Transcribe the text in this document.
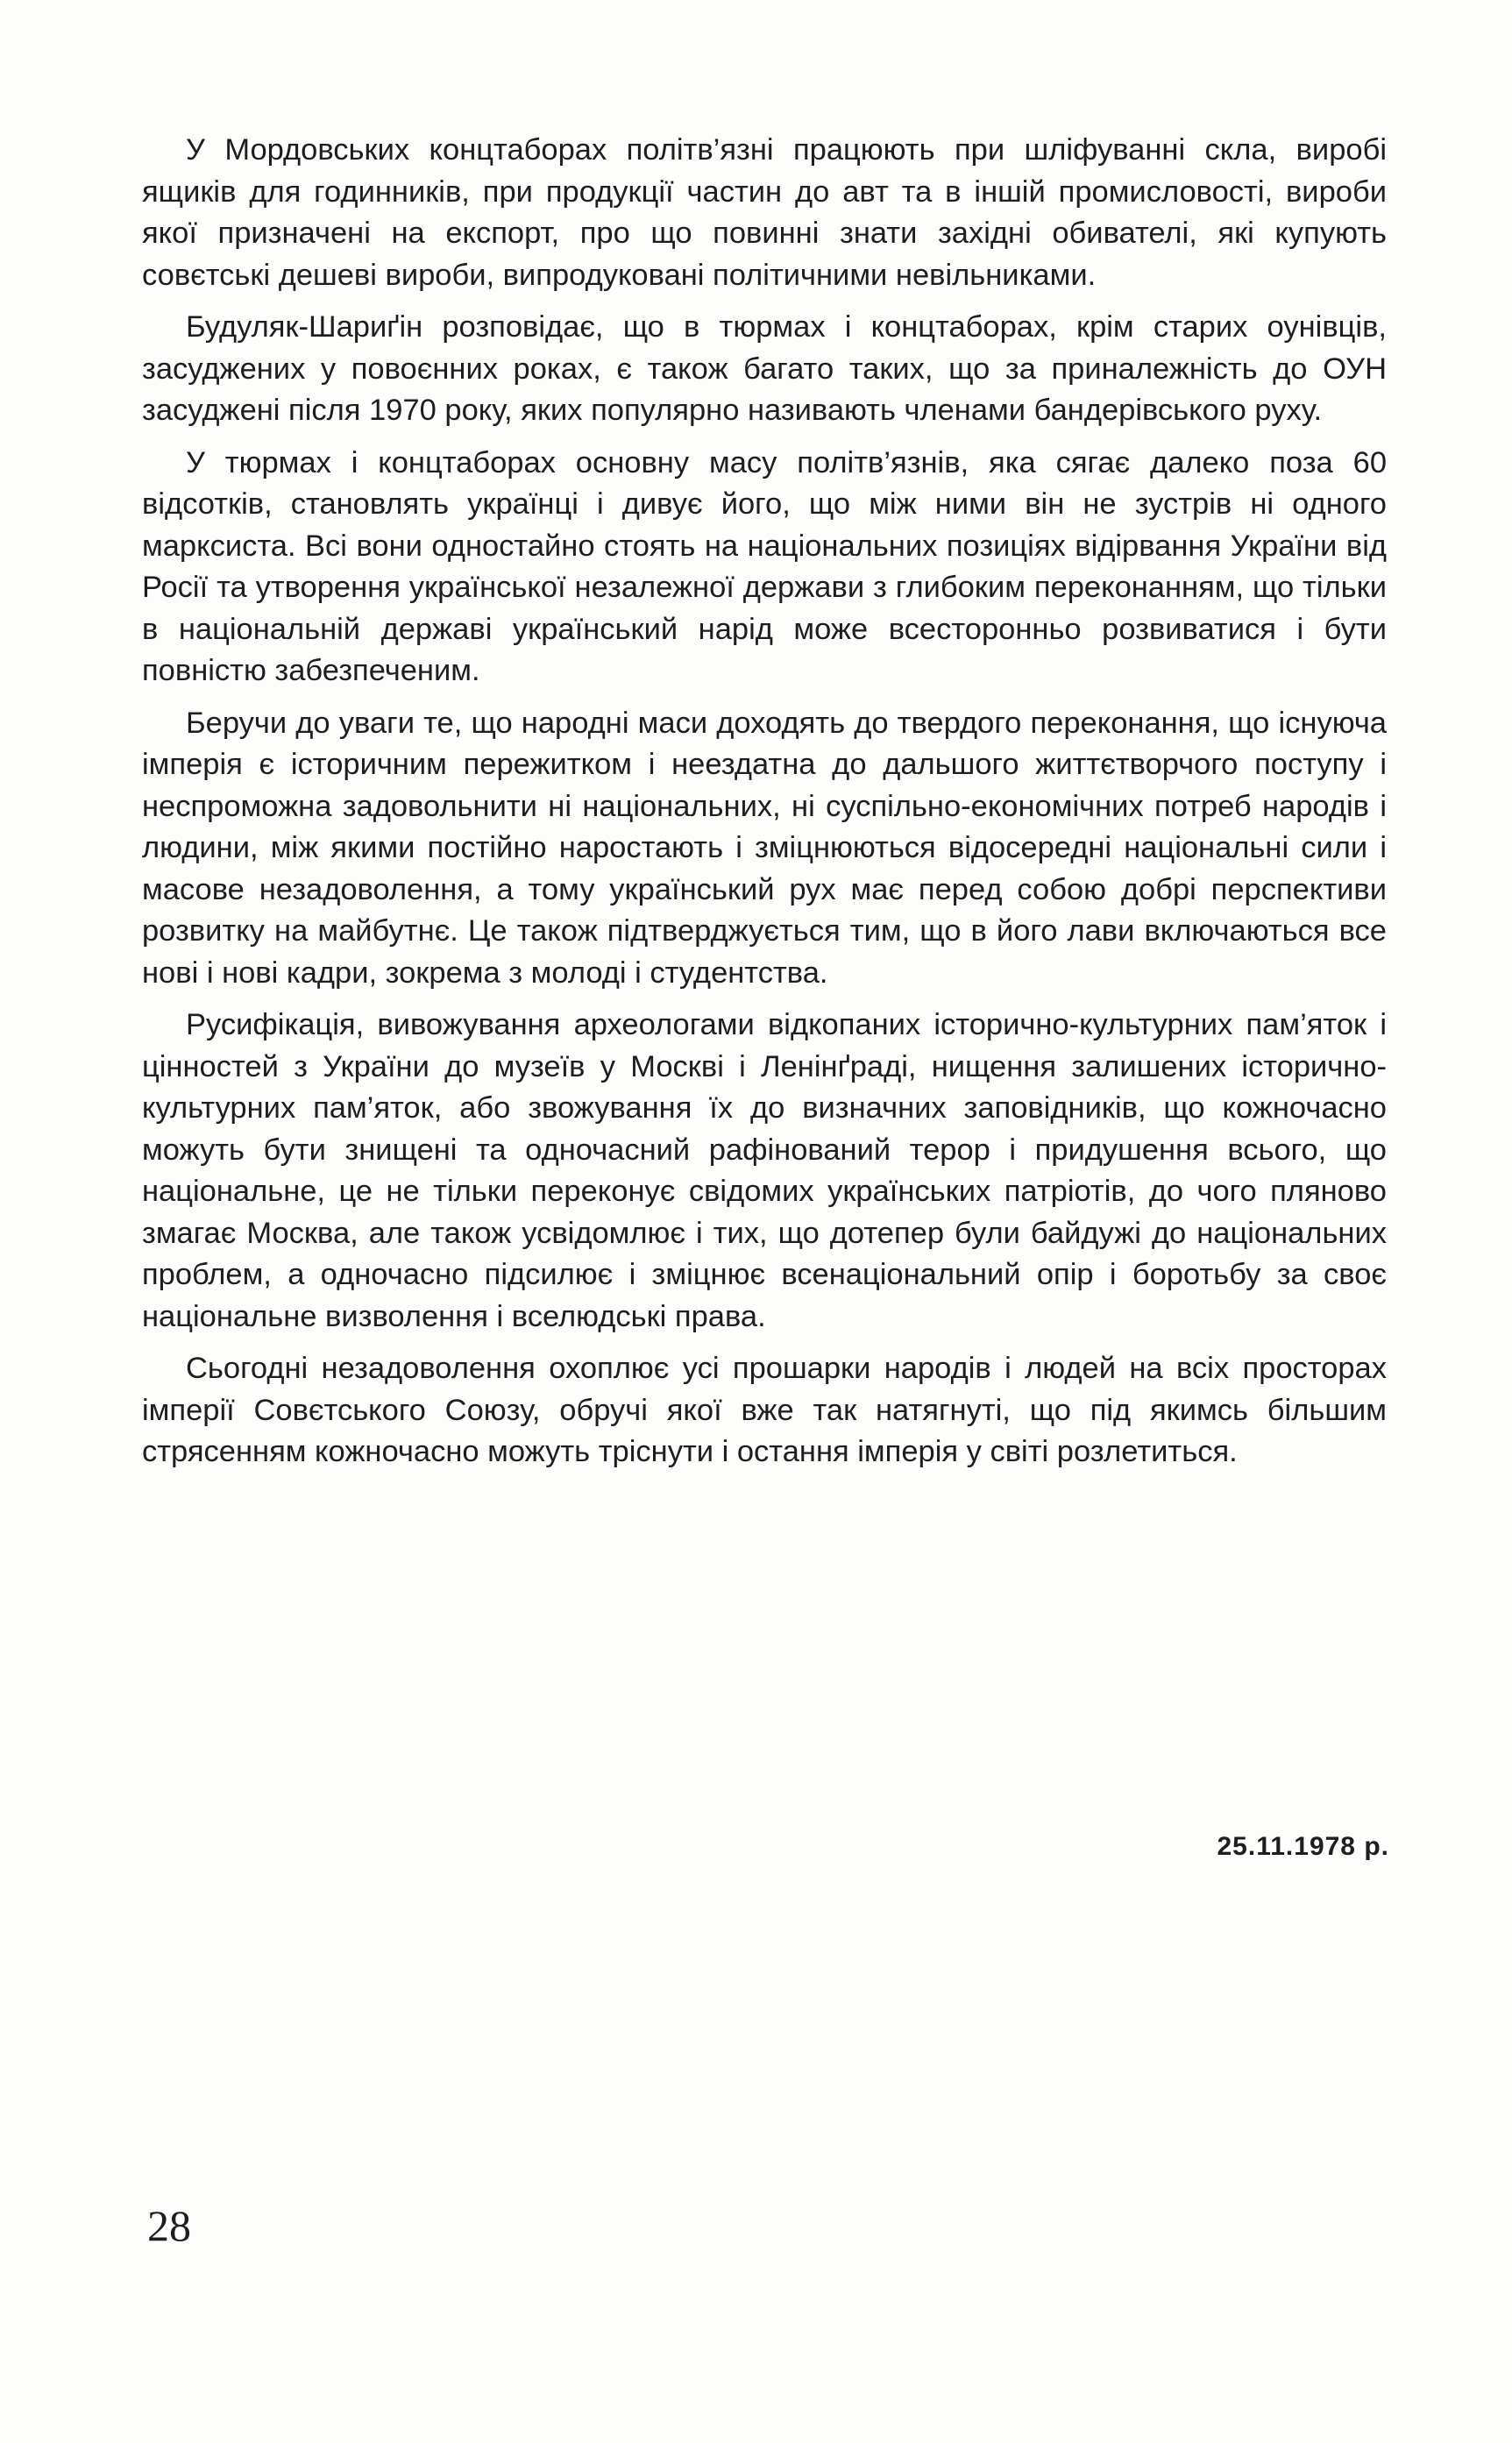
У Мордовських концтаборах політв’язні працюють при шліфуванні скла, виробі ящиків для годинників, при продукції частин до авт та в іншій промисловості, вироби якої призначені на експорт, про що повинні знати західні обивателі, які купують совєтські дешеві вироби, випродуковані політичними невільниками.

Будуляк-Шариґін розповідає, що в тюрмах і концтаборах, крім старих оунівців, засуджених у повоєнних роках, є також багато таких, що за приналежність до ОУН засуджені після 1970 року, яких популярно називають членами бандерівського руху.

У тюрмах і концтаборах основну масу політв’язнів, яка сягає далеко поза 60 відсотків, становлять українці і дивує його, що між ними він не зустрів ні одного марксиста. Всі вони одностайно стоять на національних позиціях відірвання України від Росії та утворення української незалежної держави з глибоким переконанням, що тільки в національній державі український нарід може всесторонньо розвиватися і бути повністю забезпеченим.

Беручи до уваги те, що народні маси доходять до твердого переконання, що існуюча імперія є історичним пережитком і неездатна до дальшого життєтворчого поступу і неспроможна задовольнити ні національних, ні суспільно-економічних потреб народів і людини, між якими постійно наростають і зміцнюються відосередні національні сили і масове незадоволення, а тому український рух має перед собою добрі перспективи розвитку на майбутнє. Це також підтверджується тим, що в його лави включаються все нові і нові кадри, зокрема з молоді і студентства.

Русифікація, вивожування археологами відкопаних історично-культурних пам’яток і цінностей з України до музеїв у Москві і Ленінґраді, нищення залишених історично-культурних пам’яток, або звожування їх до визначних заповідників, що кожночасно можуть бути знищені та одночасний рафінований терор і придушення всього, що національне, це не тільки переконує свідомих українських патріотів, до чого пляново змагає Москва, але також усвідомлює і тих, що дотепер були байдужі до національних проблем, а одночасно підсилює і зміцнює всенаціональний опір і боротьбу за своє національне визволення і вселюдські права.

Сьогодні незадоволення охоплює усі прошарки народів і людей на всіх просторах імперії Совєтського Союзу, обручі якої вже так натягнуті, що під якимсь більшим стрясенням кожночасно можуть тріснути і остання імперія у світі розлетиться.

25.11.1978 р.
28
